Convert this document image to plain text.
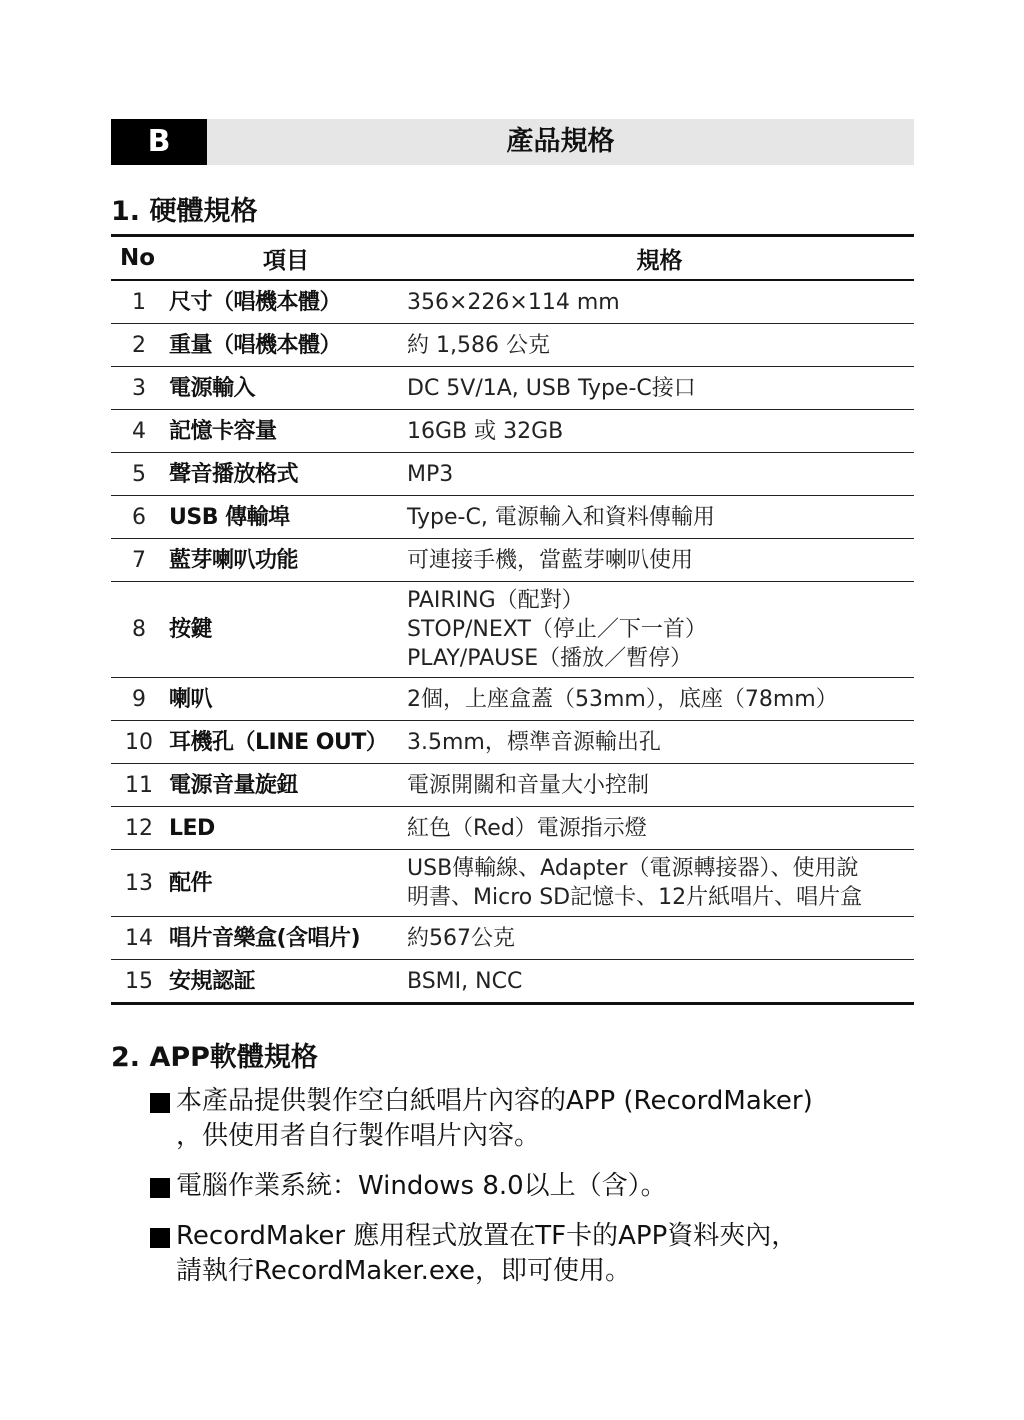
B	產品規格
1. 硬體規格
No	項目	規格
1	尺寸（唱機本體）	356×226×114 mm

2	重量（唱機本體）	約 1,586 公克

3	電源輸入	DC 5V/1A, USB Type-C接口

4	記憶卡容量	16GB 或 32GB

5	聲音播放格式	MP3

6	USB 傳輸埠	Type-C, 電源輸入和資料傳輸用

7	藍芽喇叭功能	可連接手機，當藍芽喇叭使用

8	按鍵	PAIRING（配對）
STOP/NEXT（停止／下一首）
PLAY/PAUSE（播放／暫停）

9	喇叭	2個，上座盒蓋（53mm），底座（78mm）

10	耳機孔（LINE OUT）	3.5mm，標準音源輸出孔

11	電源音量旋鈕	電源開關和音量大小控制

12	LED	紅色（Red）電源指示燈

13	配件	USB傳輸線、Adapter（電源轉接器）、使用說
明書、Micro SD記憶卡、12片紙唱片、唱片盒

14	唱片音樂盒(含唱片)	約567公克

15	安規認証	BSMI, NCC
2. APP軟體規格
本產品提供製作空白紙唱片內容的APP (RecordMaker)
，供使用者自行製作唱片內容。
電腦作業系統：Windows 8.0以上（含）。
RecordMaker 應用程式放置在TF卡的APP資料夾內，
請執行RecordMaker.exe，即可使用。
